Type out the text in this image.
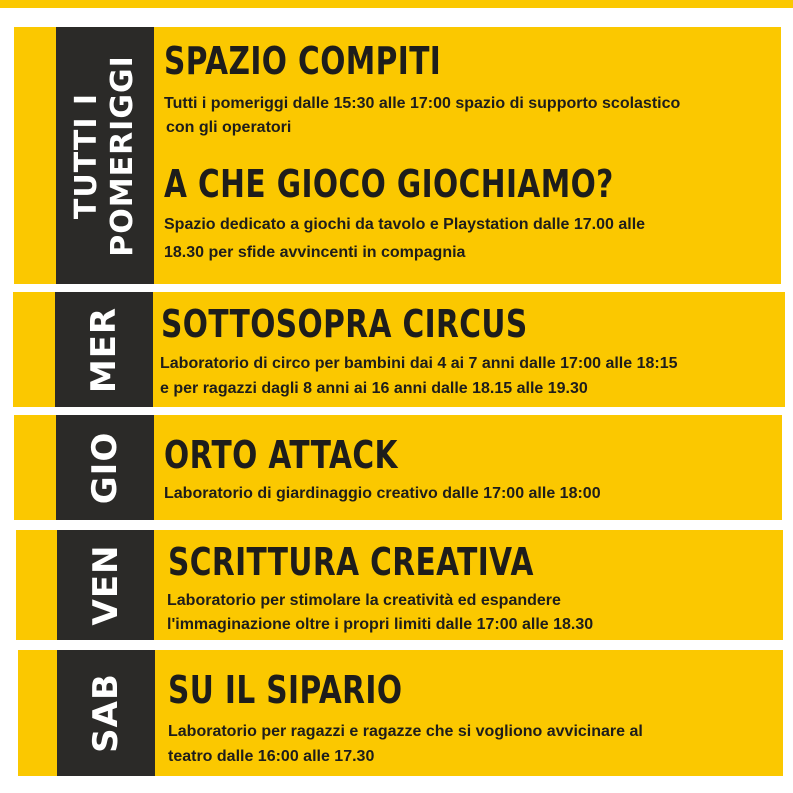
TUTTI I POMERIGGI SPAZIO COMPITI
Tutti i pomeriggi dalle 15:30 alle 17:00 spazio di supporto scolastico
con gli operatori
A CHE GIOCO GIOCHIAMO?
Spazio dedicato a giochi da tavolo e Playstation dalle 17.00 alle
18.30 per sfide avvincenti in compagnia
MER SOTTOSOPRA CIRCUS
Laboratorio di circo per bambini dai 4 ai 7 anni dalle 17:00 alle 18:15
e per ragazzi dagli 8 anni ai 16 anni dalle 18.15 alle 19.30
GIO ORTO ATTACK
Laboratorio di giardinaggio creativo dalle 17:00 alle 18:00
VEN SCRITTURA CREATIVA
Laboratorio per stimolare la creatività ed espandere
l'immaginazione oltre i propri limiti dalle 17:00 alle 18.30
SAB SU IL SIPARIO
Laboratorio per ragazzi e ragazze che si vogliono avvicinare al
teatro dalle 16:00 alle 17.30
